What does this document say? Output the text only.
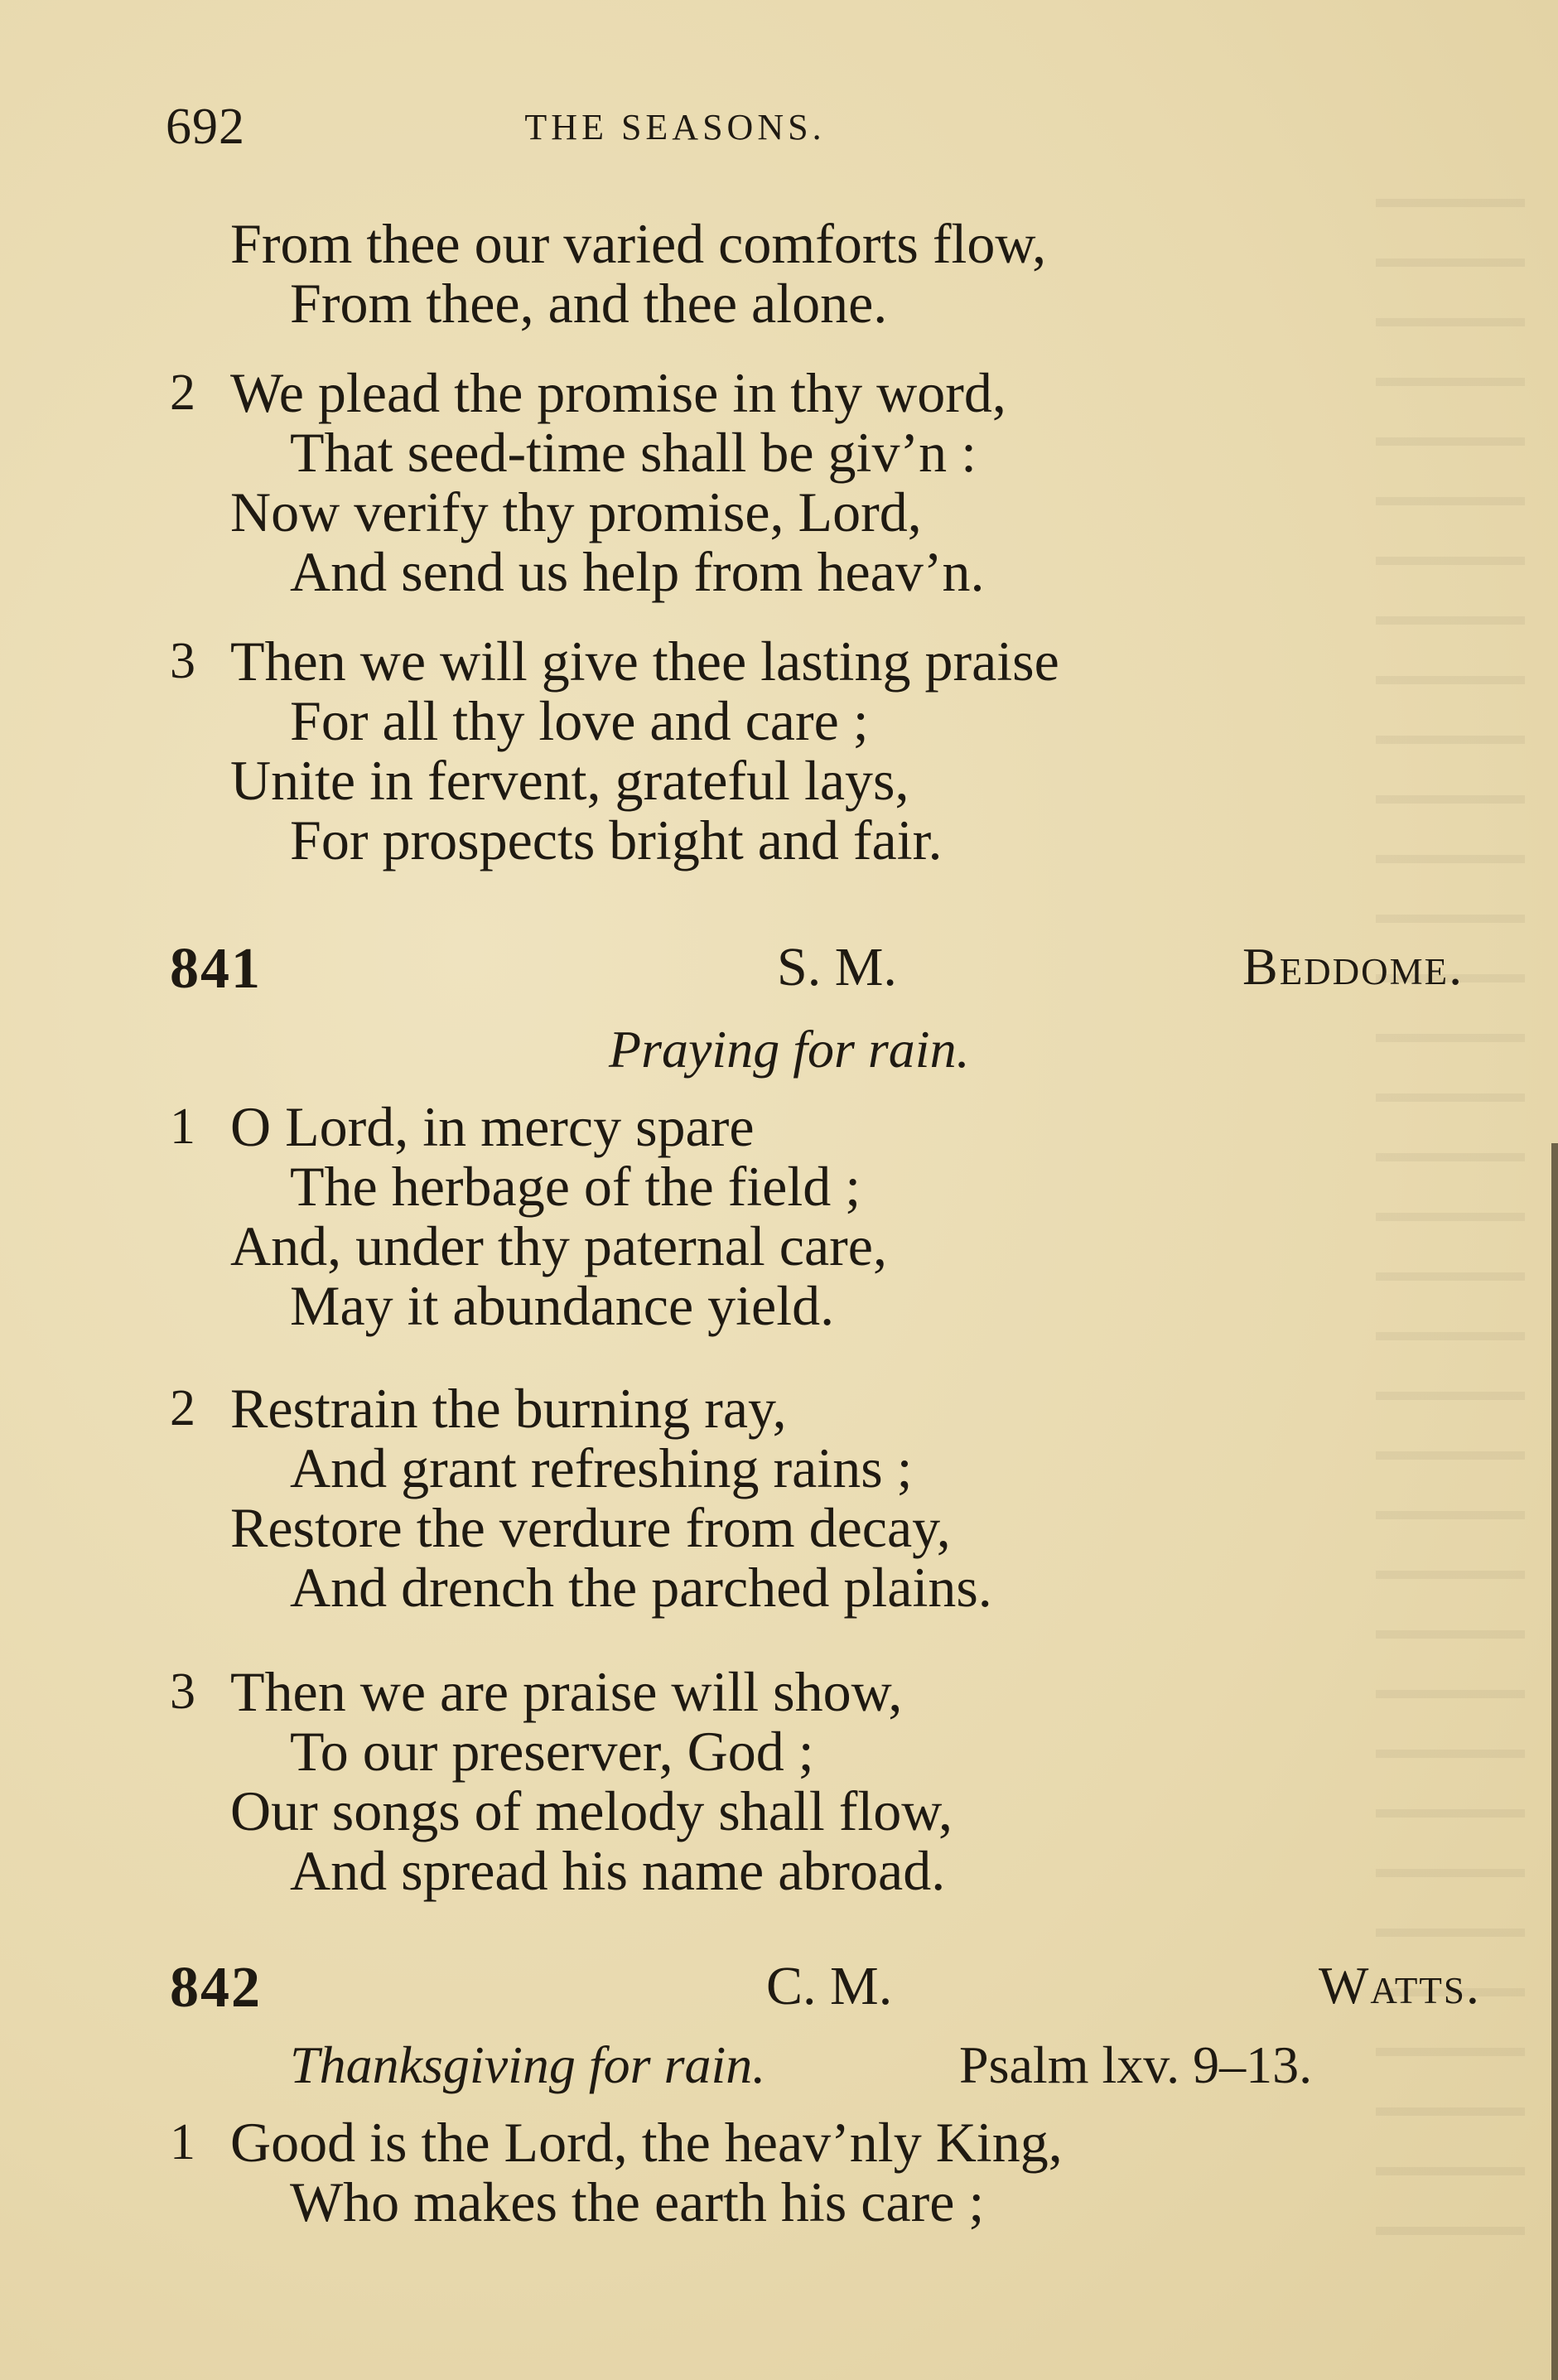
692	THE SEASONS.
From thee our varied comforts flow,
From thee, and thee alone.
2 We plead the promise in thy word,
That seed-time shall be giv’n :
Now verify thy promise, Lord,
And send us help from heav’n.
3 Then we will give thee lasting praise
For all thy love and care ;
Unite in fervent, grateful lays,
For prospects bright and fair.
841	S. M.	Beddome.
Praying for rain.
1 O Lord, in mercy spare
The herbage of the field ;
And, under thy paternal care,
May it abundance yield.
2 Restrain the burning ray,
And grant refreshing rains ;
Restore the verdure from decay,
And drench the parched plains.
3 Then we are praise will show,
To our preserver, God ;
Our songs of melody shall flow,
And spread his name abroad.
842	C. M.	Watts.
Thanksgiving for rain.	Psalm lxv. 9–13.
1 Good is the Lord, the heav’nly King,
Who makes the earth his care ;
